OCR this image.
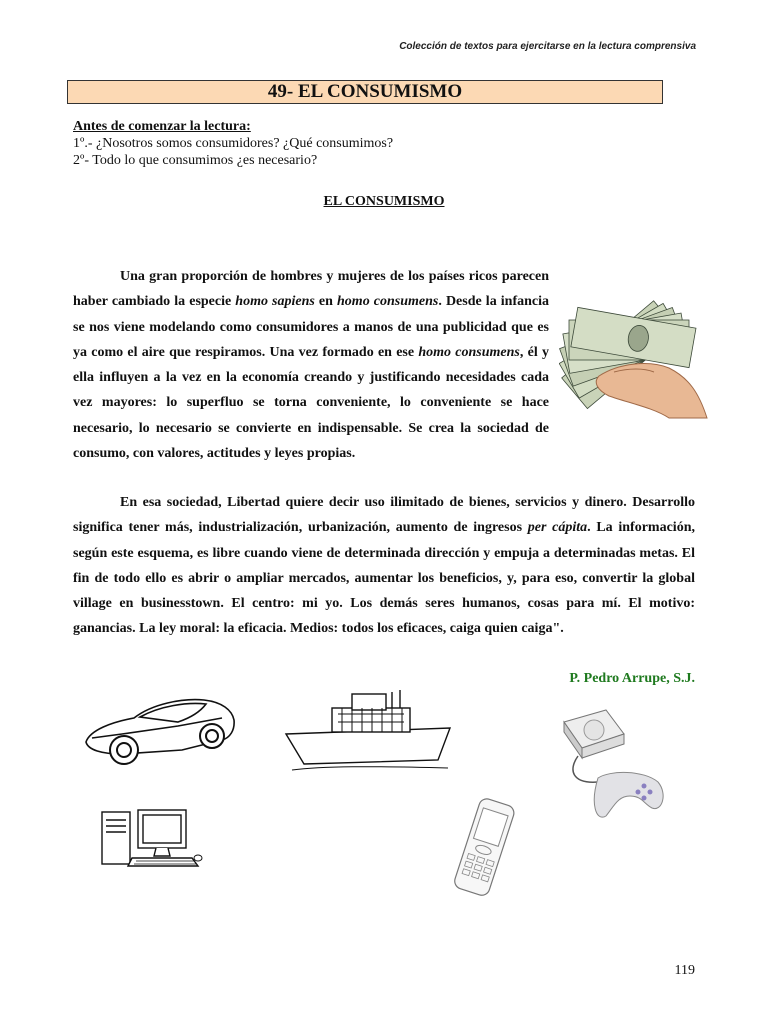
Colección de textos para ejercitarse en la lectura comprensiva
49- EL CONSUMISMO
Antes de comenzar la lectura:
1º.- ¿Nosotros somos consumidores? ¿Qué consumimos?
2º- Todo lo que consumimos ¿es necesario?
EL CONSUMISMO
Una gran proporción de hombres y mujeres de los países ricos parecen haber cambiado la especie homo sapiens en homo consumens. Desde la infancia se nos viene modelando como consumidores a manos de una publicidad que es ya como el aire que respiramos. Una vez formado en ese homo consumens, él y ella influyen a la vez en la economía creando y justificando necesidades cada vez mayores: lo superfluo se torna conveniente, lo conveniente se hace necesario, lo necesario se convierte en indispensable. Se crea la sociedad de consumo, con valores, actitudes y leyes propias.
En esa sociedad, Libertad quiere decir uso ilimitado de bienes, servicios y dinero. Desarrollo significa tener más, industrialización, urbanización, aumento de ingresos per cápita. La información, según este esquema, es libre cuando viene de determinada dirección y empuja a determinadas metas. El fin de todo ello es abrir o ampliar mercados, aumentar los beneficios, y, para eso, convertir la global village en businesstown. El centro: mi yo. Los demás seres humanos, cosas para mí. El motivo: ganancias. La ley moral: la eficacia. Medios: todos los eficaces, caiga quien caiga".
P. Pedro Arrupe, S.J.
119
